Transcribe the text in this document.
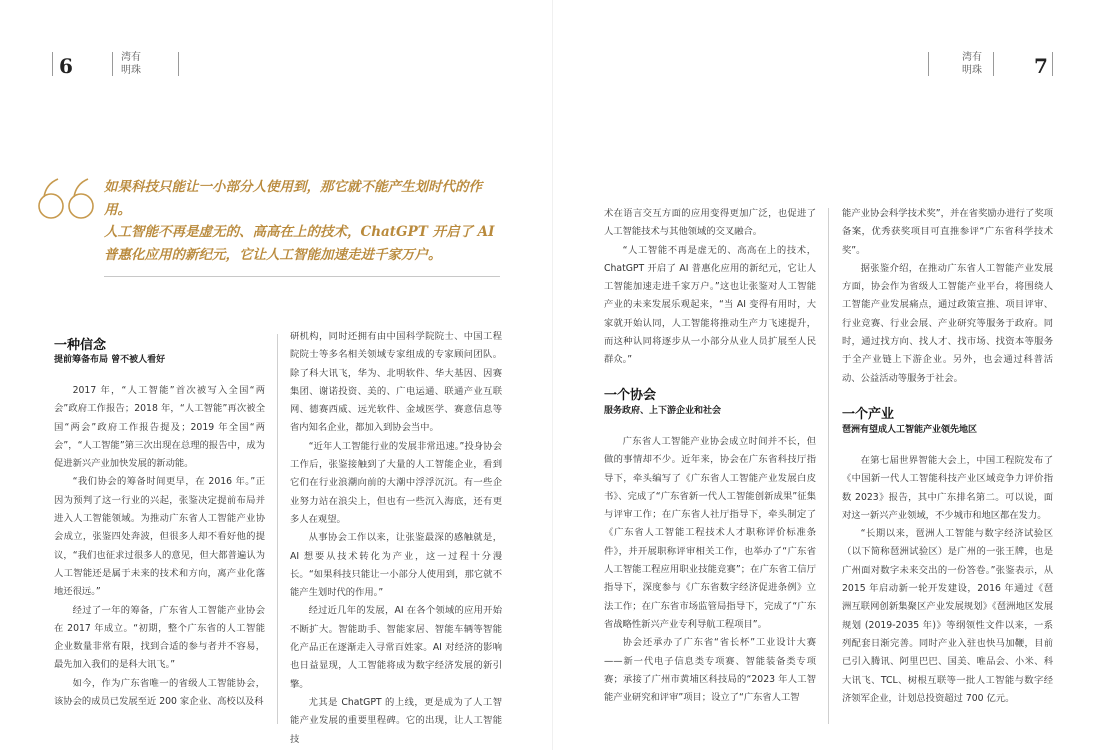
6	湾有
明珠
湾有
明珠	7
如果科技只能让一小部分人使用到，那它就不能产生划时代的作用。
人工智能不再是虚无的、高高在上的技术，ChatGPT 开启了 AI 普惠化应用的新纪元，它让人工智能加速走进千家万户。
一种信念
提前筹备布局 曾不被人看好

2017 年，“人工智能”首次被写入全国“两会”政府工作报告；2018 年，“人工智能”再次被全国“两会”政府工作报告提及；2019 年全国“两会”，“人工智能”第三次出现在总理的报告中，成为促进新兴产业加快发展的新动能。

“我们协会的筹备时间更早，在 2016 年。”正因为预判了这一行业的兴起，张鉴决定提前布局并进入人工智能领域。为推动广东省人工智能产业协会成立，张鉴四处奔波，但很多人却不看好他的提议，“我们也征求过很多人的意见，但大都普遍认为人工智能还是属于未来的技术和方向，离产业化落地还很远。”

经过了一年的筹备，广东省人工智能产业协会在 2017 年成立。“初期，整个广东省的人工智能企业数量非常有限，找到合适的参与者并不容易，最先加入我们的是科大讯飞。”

如今，作为广东省唯一的省级人工智能协会，该协会的成员已发展至近 200 家企业、高校以及科

研机构，同时还拥有由中国科学院院士、中国工程院院士等多名相关领域专家组成的专家顾问团队。除了科大讯飞，华为、北明软件、华大基因、因赛集团、谢诺投资、美的、广电运通、联通产业互联网、德赛西威、远光软件、金域医学、赛意信息等省内知名企业，都加入到协会当中。

“近年人工智能行业的发展非常迅速。”投身协会工作后，张鉴接触到了大量的人工智能企业，看到它们在行业浪潮向前的大潮中浮浮沉沉。有一些企业努力站在浪尖上，但也有一些沉入海底，还有更多人在观望。

从事协会工作以来，让张鉴最深的感触就是，AI 想要从技术转化为产业，这一过程十分漫长。“如果科技只能让一小部分人使用到，那它就不能产生划时代的作用。”

经过近几年的发展，AI 在各个领域的应用开始不断扩大。智能助手、智能家居、智能车辆等智能化产品正在逐渐走入寻常百姓家。AI 对经济的影响也日益显现，人工智能将成为数字经济发展的新引擎。

尤其是 ChatGPT 的上线，更是成为了人工智能产业发展的重要里程碑。它的出现，让人工智能技

术在语言交互方面的应用变得更加广泛，也促进了人工智能技术与其他领域的交叉融合。

“人工智能不再是虚无的、高高在上的技术，ChatGPT 开启了 AI 普惠化应用的新纪元，它让人工智能加速走进千家万户。”这也让张鉴对人工智能产业的未来发展乐观起来，“当 AI 变得有用时，大家就开始认同，人工智能将推动生产力飞速提升，而这种认同将逐步从一小部分从业人员扩展至人民群众。”

一个协会
服务政府、上下游企业和社会

广东省人工智能产业协会成立时间并不长，但做的事情却不少。近年来，协会在广东省科技厅指导下，牵头编写了《广东省人工智能产业发展白皮书》、完成了“广东省新一代人工智能创新成果”征集与评审工作；在广东省人社厅指导下，牵头制定了《广东省人工智能工程技术人才职称评价标准条件》，并开展职称评审相关工作，也举办了“广东省人工智能工程应用职业技能竞赛”；在广东省工信厅指导下，深度参与《广东省数字经济促进条例》立法工作；在广东省市场监管局指导下，完成了“广东省战略性新兴产业专利导航工程项目”。

协会还承办了广东省“省长杯”工业设计大赛——新一代电子信息类专项赛、智能装备类专项赛；承接了广州市黄埔区科技局的“2023 年人工智能产业研究和评审”项目；设立了“广东省人工智

能产业协会科学技术奖”，并在省奖励办进行了奖项备案，优秀获奖项目可直推参评“广东省科学技术奖”。

据张鉴介绍，在推动广东省人工智能产业发展方面，协会作为省级人工智能产业平台，将围绕人工智能产业发展痛点，通过政策宣推、项目评审、行业竞赛、行业会展、产业研究等服务于政府。同时，通过找方向、找人才、找市场、找资本等服务于全产业链上下游企业。另外，也会通过科普活动、公益活动等服务于社会。

一个产业
琶洲有望成人工智能产业领先地区

在第七届世界智能大会上，中国工程院发布了《中国新一代人工智能科技产业区域竞争力评价指数 2023》报告，其中广东排名第二。可以说，面对这一新兴产业领域，不少城市和地区都在发力。

“长期以来，琶洲人工智能与数字经济试验区（以下简称琶洲试验区）是广州的一张王牌，也是广州面对数字未来交出的一份答卷。”张鉴表示，从 2015 年启动新一轮开发建设，2016 年通过《琶洲互联网创新集聚区产业发展规划》《琶洲地区发展规划 (2019-2035 年)》等纲领性文件以来，一系列配套日渐完善。同时产业入驻也快马加鞭，目前已引入腾讯、阿里巴巴、国美、唯品会、小米、科大讯飞、TCL、树根互联等一批人工智能与数字经济领军企业，计划总投资超过 700 亿元。
